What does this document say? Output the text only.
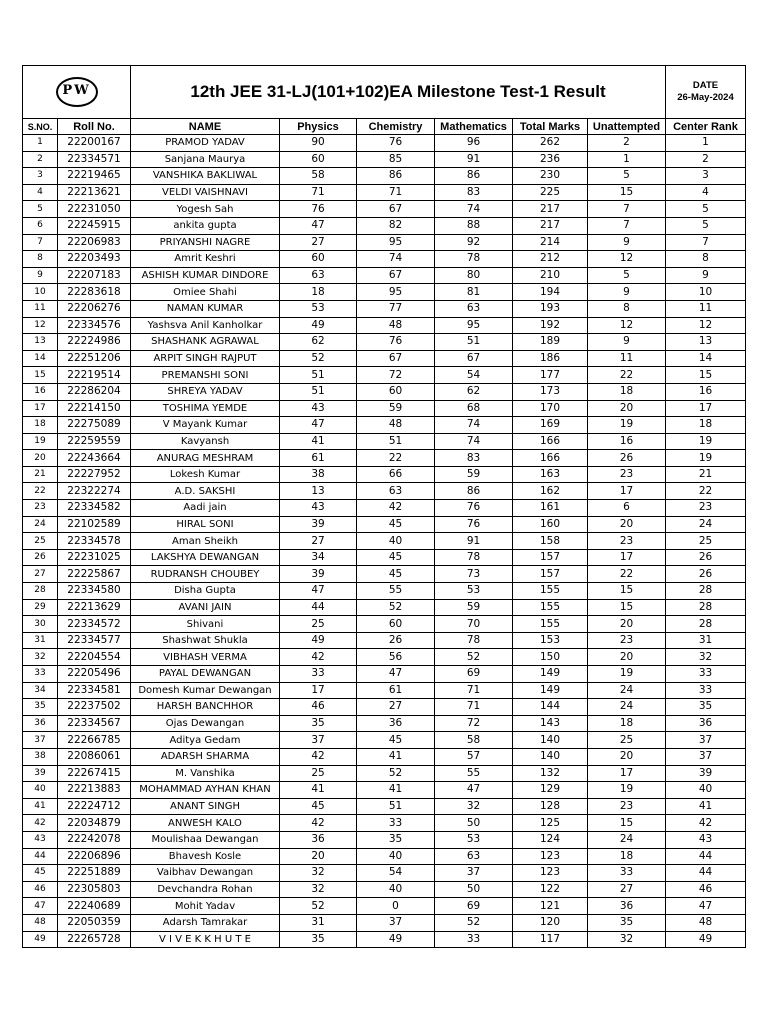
PW		12th JEE 31-LJ(101+102)EA Milestone Test-1 Result						DATE
26-May-2024

S.NO.	Roll No.	NAME	Physics	Chemistry	Mathematics	Total Marks	Unattempted	Center Rank
1	22200167	PRAMOD YADAV	90	76	96	262	2	1
2	22334571	Sanjana Maurya	60	85	91	236	1	2
3	22219465	VANSHIKA BAKLIWAL	58	86	86	230	5	3
4	22213621	VELDI VAISHNAVI	71	71	83	225	15	4
5	22231050	Yogesh Sah	76	67	74	217	7	5
6	22245915	ankita gupta	47	82	88	217	7	5
7	22206983	PRIYANSHI NAGRE	27	95	92	214	9	7
8	22203493	Amrit Keshri	60	74	78	212	12	8
9	22207183	ASHISH KUMAR DINDORE	63	67	80	210	5	9
10	22283618	Omiee Shahi	18	95	81	194	9	10
11	22206276	NAMAN KUMAR	53	77	63	193	8	11
12	22334576	Yashsva Anil Kanholkar	49	48	95	192	12	12
13	22224986	SHASHANK AGRAWAL	62	76	51	189	9	13
14	22251206	ARPIT SINGH RAJPUT	52	67	67	186	11	14
15	22219514	PREMANSHI SONI	51	72	54	177	22	15
16	22286204	SHREYA YADAV	51	60	62	173	18	16
17	22214150	TOSHIMA YEMDE	43	59	68	170	20	17
18	22275089	V Mayank Kumar	47	48	74	169	19	18
19	22259559	Kavyansh	41	51	74	166	16	19
20	22243664	ANURAG MESHRAM	61	22	83	166	26	19
21	22227952	Lokesh Kumar	38	66	59	163	23	21
22	22322274	A.D. SAKSHI	13	63	86	162	17	22
23	22334582	Aadi jain	43	42	76	161	6	23
24	22102589	HIRAL SONI	39	45	76	160	20	24
25	22334578	Aman Sheikh	27	40	91	158	23	25
26	22231025	LAKSHYA DEWANGAN	34	45	78	157	17	26
27	22225867	RUDRANSH CHOUBEY	39	45	73	157	22	26
28	22334580	Disha Gupta	47	55	53	155	15	28
29	22213629	AVANI JAIN	44	52	59	155	15	28
30	22334572	Shivani	25	60	70	155	20	28
31	22334577	Shashwat Shukla	49	26	78	153	23	31
32	22204554	VIBHASH VERMA	42	56	52	150	20	32
33	22205496	PAYAL DEWANGAN	33	47	69	149	19	33
34	22334581	Domesh Kumar Dewangan	17	61	71	149	24	33
35	22237502	HARSH BANCHHOR	46	27	71	144	24	35
36	22334567	Ojas Dewangan	35	36	72	143	18	36
37	22266785	Aditya Gedam	37	45	58	140	25	37
38	22086061	ADARSH SHARMA	42	41	57	140	20	37
39	22267415	M. Vanshika	25	52	55	132	17	39
40	22213883	MOHAMMAD AYHAN KHAN	41	41	47	129	19	40
41	22224712	ANANT SINGH	45	51	32	128	23	41
42	22034879	ANWESH KALO	42	33	50	125	15	42
43	22242078	Moulishaa Dewangan	36	35	53	124	24	43
44	22206896	Bhavesh Kosle	20	40	63	123	18	44
45	22251889	Vaibhav Dewangan	32	54	37	123	33	44
46	22305803	Devchandra Rohan	32	40	50	122	27	46
47	22240689	Mohit Yadav	52	0	69	121	36	47
48	22050359	Adarsh Tamrakar	31	37	52	120	35	48
49	22265728	V I V E K K H U T E	35	49	33	117	32	49
